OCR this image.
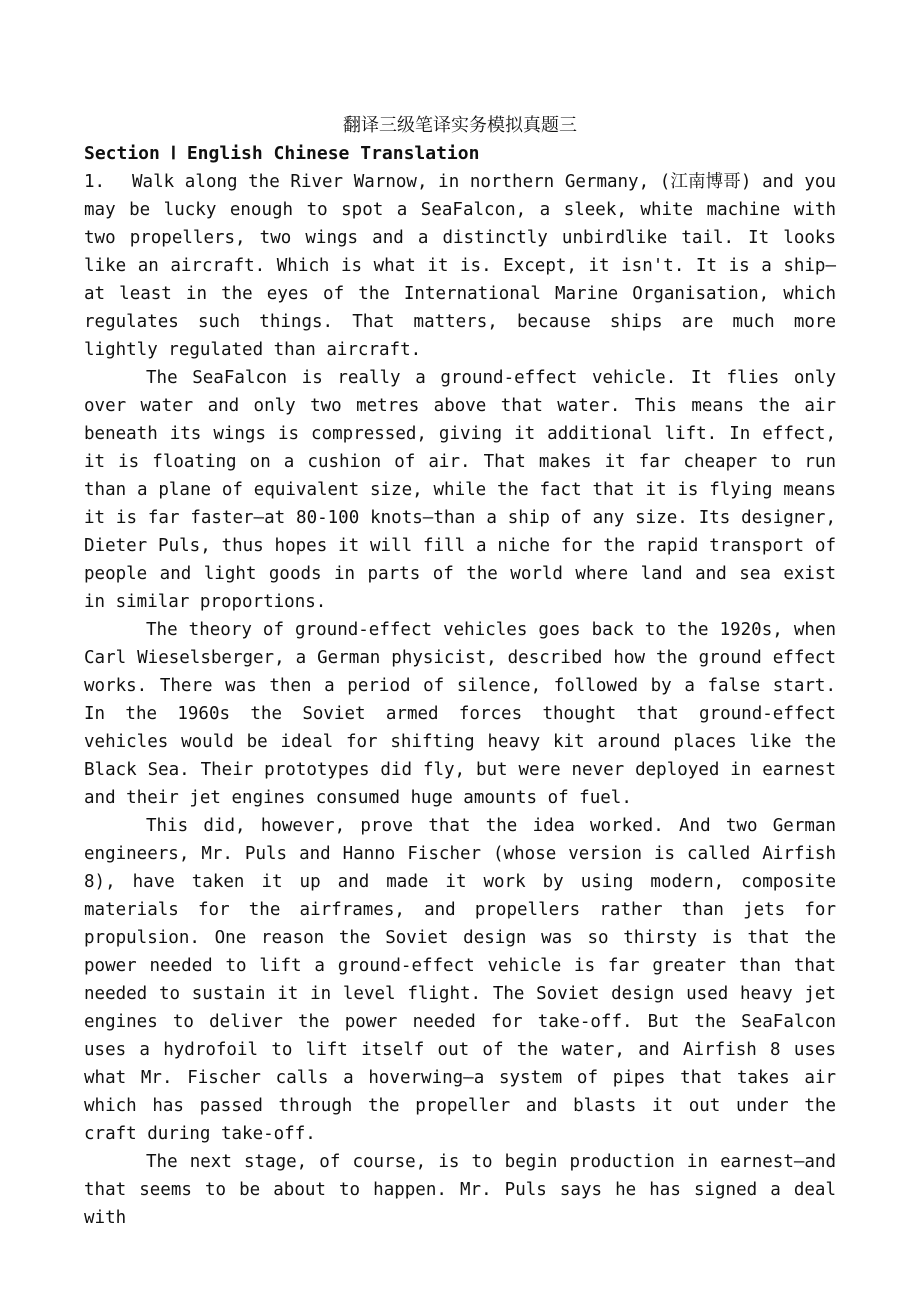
翻译三级笔译实务模拟真题三
Section Ⅰ English Chinese Translation

1. Walk along the River Warnow, in northern Germany, (江南博哥) and you may be lucky enough to spot a SeaFalcon, a sleek, white machine with two propellers, two wings and a distinctly unbirdlike tail. It looks like an aircraft. Which is what it is. Except, it isn't. It is a ship—at least in the eyes of the International Marine Organisation, which regulates such things. That matters, because ships are much more lightly regulated than aircraft.

The SeaFalcon is really a ground-effect vehicle. It flies only over water and only two metres above that water. This means the air beneath its wings is compressed, giving it additional lift. In effect, it is floating on a cushion of air. That makes it far cheaper to run than a plane of equivalent size, while the fact that it is flying means it is far faster—at 80-100 knots—than a ship of any size. Its designer, Dieter Puls, thus hopes it will fill a niche for the rapid transport of people and light goods in parts of the world where land and sea exist in similar proportions.

The theory of ground-effect vehicles goes back to the 1920s, when Carl Wieselsberger, a German physicist, described how the ground effect works. There was then a period of silence, followed by a false start. In the 1960s the Soviet armed forces thought that ground-effect vehicles would be ideal for shifting heavy kit around places like the Black Sea. Their prototypes did fly, but were never deployed in earnest and their jet engines consumed huge amounts of fuel.

This did, however, prove that the idea worked. And two German engineers, Mr. Puls and Hanno Fischer (whose version is called Airfish 8), have taken it up and made it work by using modern, composite materials for the airframes, and propellers rather than jets for propulsion. One reason the Soviet design was so thirsty is that the power needed to lift a ground-effect vehicle is far greater than that needed to sustain it in level flight. The Soviet design used heavy jet engines to deliver the power needed for take-off. But the SeaFalcon uses a hydrofoil to lift itself out of the water, and Airfish 8 uses what Mr. Fischer calls a hoverwing—a system of pipes that takes air which has passed through the propeller and blasts it out under the craft during take-off.

The next stage, of course, is to begin production in earnest—and that seems to be about to happen. Mr. Puls says he has signed a deal with
